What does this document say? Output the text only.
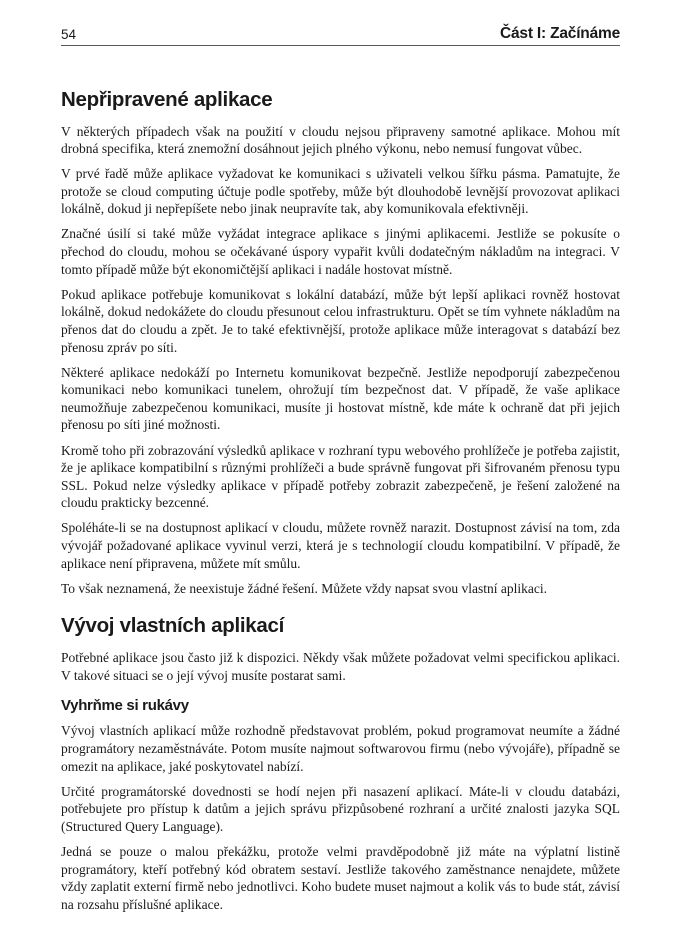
54	Část I: Začínáme
Nepřipravené aplikace

V některých případech však na použití v cloudu nejsou připraveny samotné aplikace. Mohou mít drobná specifika, která znemožní dosáhnout jejich plného výkonu, nebo nemusí fungovat vůbec.

V prvé řadě může aplikace vyžadovat ke komunikaci s uživateli velkou šířku pásma. Pamatujte, že protože se cloud computing účtuje podle spotřeby, může být dlouhodobě levnější provozovat aplikaci lokálně, dokud ji nepřepíšete nebo jinak neupravíte tak, aby komunikovala efektivněji.

Značné úsilí si také může vyžádat integrace aplikace s jinými aplikacemi. Jestliže se pokusíte o přechod do cloudu, mohou se očekávané úspory vypařit kvůli dodatečným nákladům na integraci. V tomto případě může být ekonomičtější aplikaci i nadále hostovat místně.

Pokud aplikace potřebuje komunikovat s lokální databází, může být lepší aplikaci rovněž hostovat lokálně, dokud nedokážete do cloudu přesunout celou infrastrukturu. Opět se tím vyhnete nákladům na přenos dat do cloudu a zpět. Je to také efektivnější, protože aplikace může interagovat s databází bez přenosu zpráv po síti.

Některé aplikace nedokáží po Internetu komunikovat bezpečně. Jestliže nepodporují zabezpečenou komunikaci nebo komunikaci tunelem, ohrožují tím bezpečnost dat. V případě, že vaše aplikace neumožňuje zabezpečenou komunikaci, musíte ji hostovat místně, kde máte k ochraně dat při jejich přenosu po síti jiné možnosti.

Kromě toho při zobrazování výsledků aplikace v rozhraní typu webového prohlížeče je potřeba zajistit, že je aplikace kompatibilní s různými prohlížeči a bude správně fungovat při šifrovaném přenosu typu SSL. Pokud nelze výsledky aplikace v případě potřeby zobrazit zabezpečeně, je řešení založené na cloudu prakticky bezcenné.

Spoléháte-li se na dostupnost aplikací v cloudu, můžete rovněž narazit. Dostupnost závisí na tom, zda vývojář požadované aplikace vyvinul verzi, která je s technologií cloudu kompatibilní. V případě, že aplikace není připravena, můžete mít smůlu.

To však neznamená, že neexistuje žádné řešení. Můžete vždy napsat svou vlastní aplikaci.

Vývoj vlastních aplikací

Potřebné aplikace jsou často již k dispozici. Někdy však můžete požadovat velmi specifickou aplikaci. V takové situaci se o její vývoj musíte postarat sami.

Vyhrňme si rukávy

Vývoj vlastních aplikací může rozhodně představovat problém, pokud programovat neumíte a žádné programátory nezaměstnáváte. Potom musíte najmout softwarovou firmu (nebo vývojáře), případně se omezit na aplikace, jaké poskytovatel nabízí.

Určité programátorské dovednosti se hodí nejen při nasazení aplikací. Máte-li v cloudu databázi, potřebujete pro přístup k datům a jejich správu přizpůsobené rozhraní a určité znalosti jazyka SQL (Structured Query Language).

Jedná se pouze o malou překážku, protože velmi pravděpodobně již máte na výplatní listině programátory, kteří potřebný kód obratem sestaví. Jestliže takového zaměstnance nenajdete, můžete vždy zaplatit externí firmě nebo jednotlivci. Koho budete muset najmout a kolik vás to bude stát, závisí na rozsahu příslušné aplikace.
